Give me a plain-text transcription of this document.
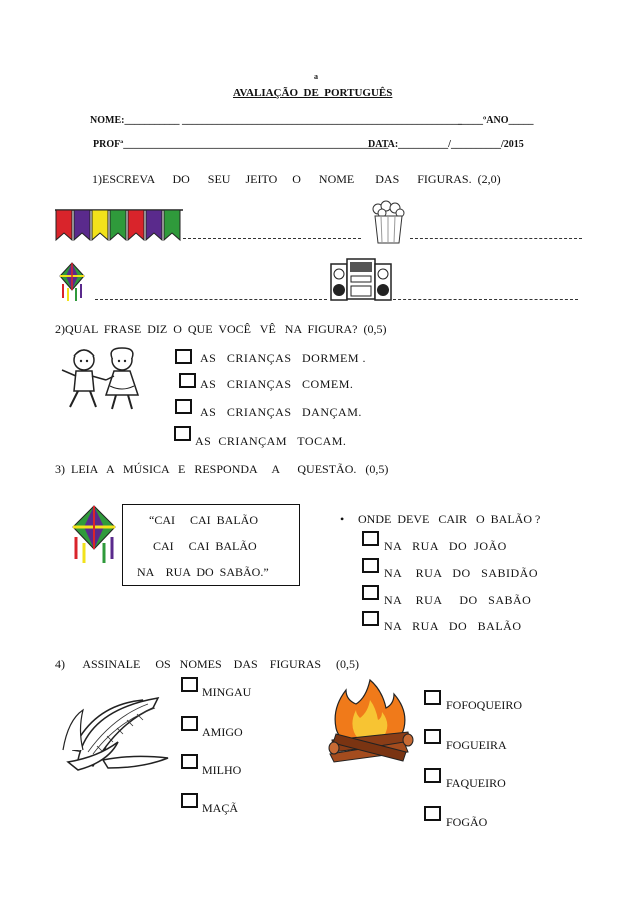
a
AVALIAÇÃO  DE  PORTUGUÊS
NOME:___________ ________________________________________________________
_____ºANO_____
PROFª_____________________________________________________
DATA:__________/__________/2015
1)ESCREVA      DO      SEU     JEITO     O      NOME       DAS      FIGURAS.  (2,0)
2)QUAL  FRASE  DIZ  O  QUE  VOCÊ   VÊ   NA  FIGURA?  (0,5)
AS   CRIANÇAS   DORMEM .
AS   CRIANÇAS   COMEM.
AS   CRIANÇAS   DANÇAM.
AS  CRIANÇAM   TOCAM.
3)  LEIA   A   MÚSICA   E   RESPONDA     A      QUESTÃO.   (0,5)
“CAI     CAI  BALÃO
CAI     CAI  BALÃO
NA    RUA  DO  SABÃO.”
• ONDE  DEVE   CAIR   O  BALÃO ?
NA   RUA   DO  JOÃO
NA    RUA   DO   SABIDÃO
NA    RUA     DO   SABÃO
NA   RUA   DO   BALÃO
4)      ASSINALE     OS   NOMES    DAS    FIGURAS     (0,5)
MINGAU
AMIGO
MILHO
MAÇÃ
FOFOQUEIRO
FOGUEIRA
FAQUEIRO
FOGÃO
